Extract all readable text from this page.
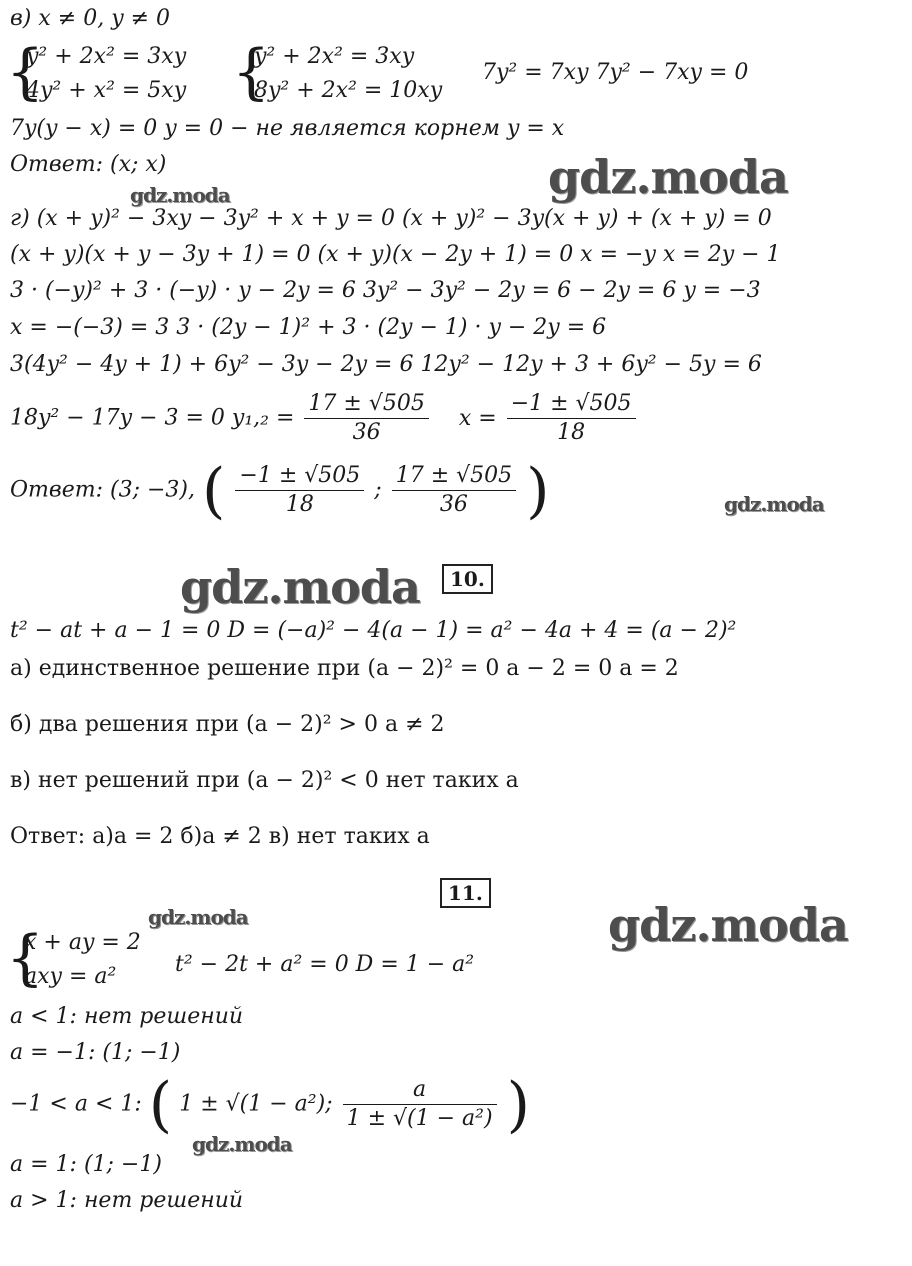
gdz.moda
gdz.moda
gdz.moda
gdz.moda
gdz.moda	gdz.moda
gdz.moda
в) x ≠ 0, y ≠ 0
{
y² + 2x² = 3xy
4y² + x² = 5xy {
y² + 2x² = 3xy
8y² + 2x² = 10xy
7y² = 7xy 7y² − 7xy = 0
7y(y − x) = 0 y = 0 − не является корнем y = x
Ответ: (x; x)
г) (x + y)² − 3xy − 3y² + x + y = 0 (x + y)² − 3y(x + y) + (x + y) = 0
(x + y)(x + y − 3y + 1) = 0 (x + y)(x − 2y + 1) = 0 x = −y x = 2y − 1
3 · (−y)² + 3 · (−y) · y − 2y = 6 3y² − 3y² − 2y = 6 − 2y = 6 y = −3
x = −(−3) = 3 3 · (2y − 1)² + 3 · (2y − 1) · y − 2y = 6
3(4y² − 4y + 1) + 6y² − 3y − 2y = 6 12y² − 12y + 3 + 6y² − 5y = 6
18y² − 17y − 3 = 0 $y_1,_2 = \frac{17 \pm √505}{36}$ $x = \frac{-1 \pm √505}{18}$
Ответ: (3; −3), ( $\frac{-1 \pm √505}{18}$ ; $\frac{17 \pm √505}{36}$ )
10.
t² − at + a − 1 = 0 D = (−a)² − 4(a − 1) = a² − 4a + 4 = (a − 2)²
а) единственное решение при (a − 2)² = 0 a − 2 = 0 a = 2
б) два решения при (a − 2)² > 0 a ≠ 2
в) нет решений при (a − 2)² < 0 нет таких a
Ответ: а)a = 2 б)a ≠ 2 в) нет таких a
11.
{
x + ay = 2
axy = a²	t² − 2t + a² = 0 D = 1 − a²
a < 1: нет решений
a = −1: (1; −1)
−1 < a < 1: ( 1 ± √(1 − a²); $\frac{a}{\text{1 ± √(1 − a²)}}$ )
a = 1: (1; −1)
a > 1: нет решений
